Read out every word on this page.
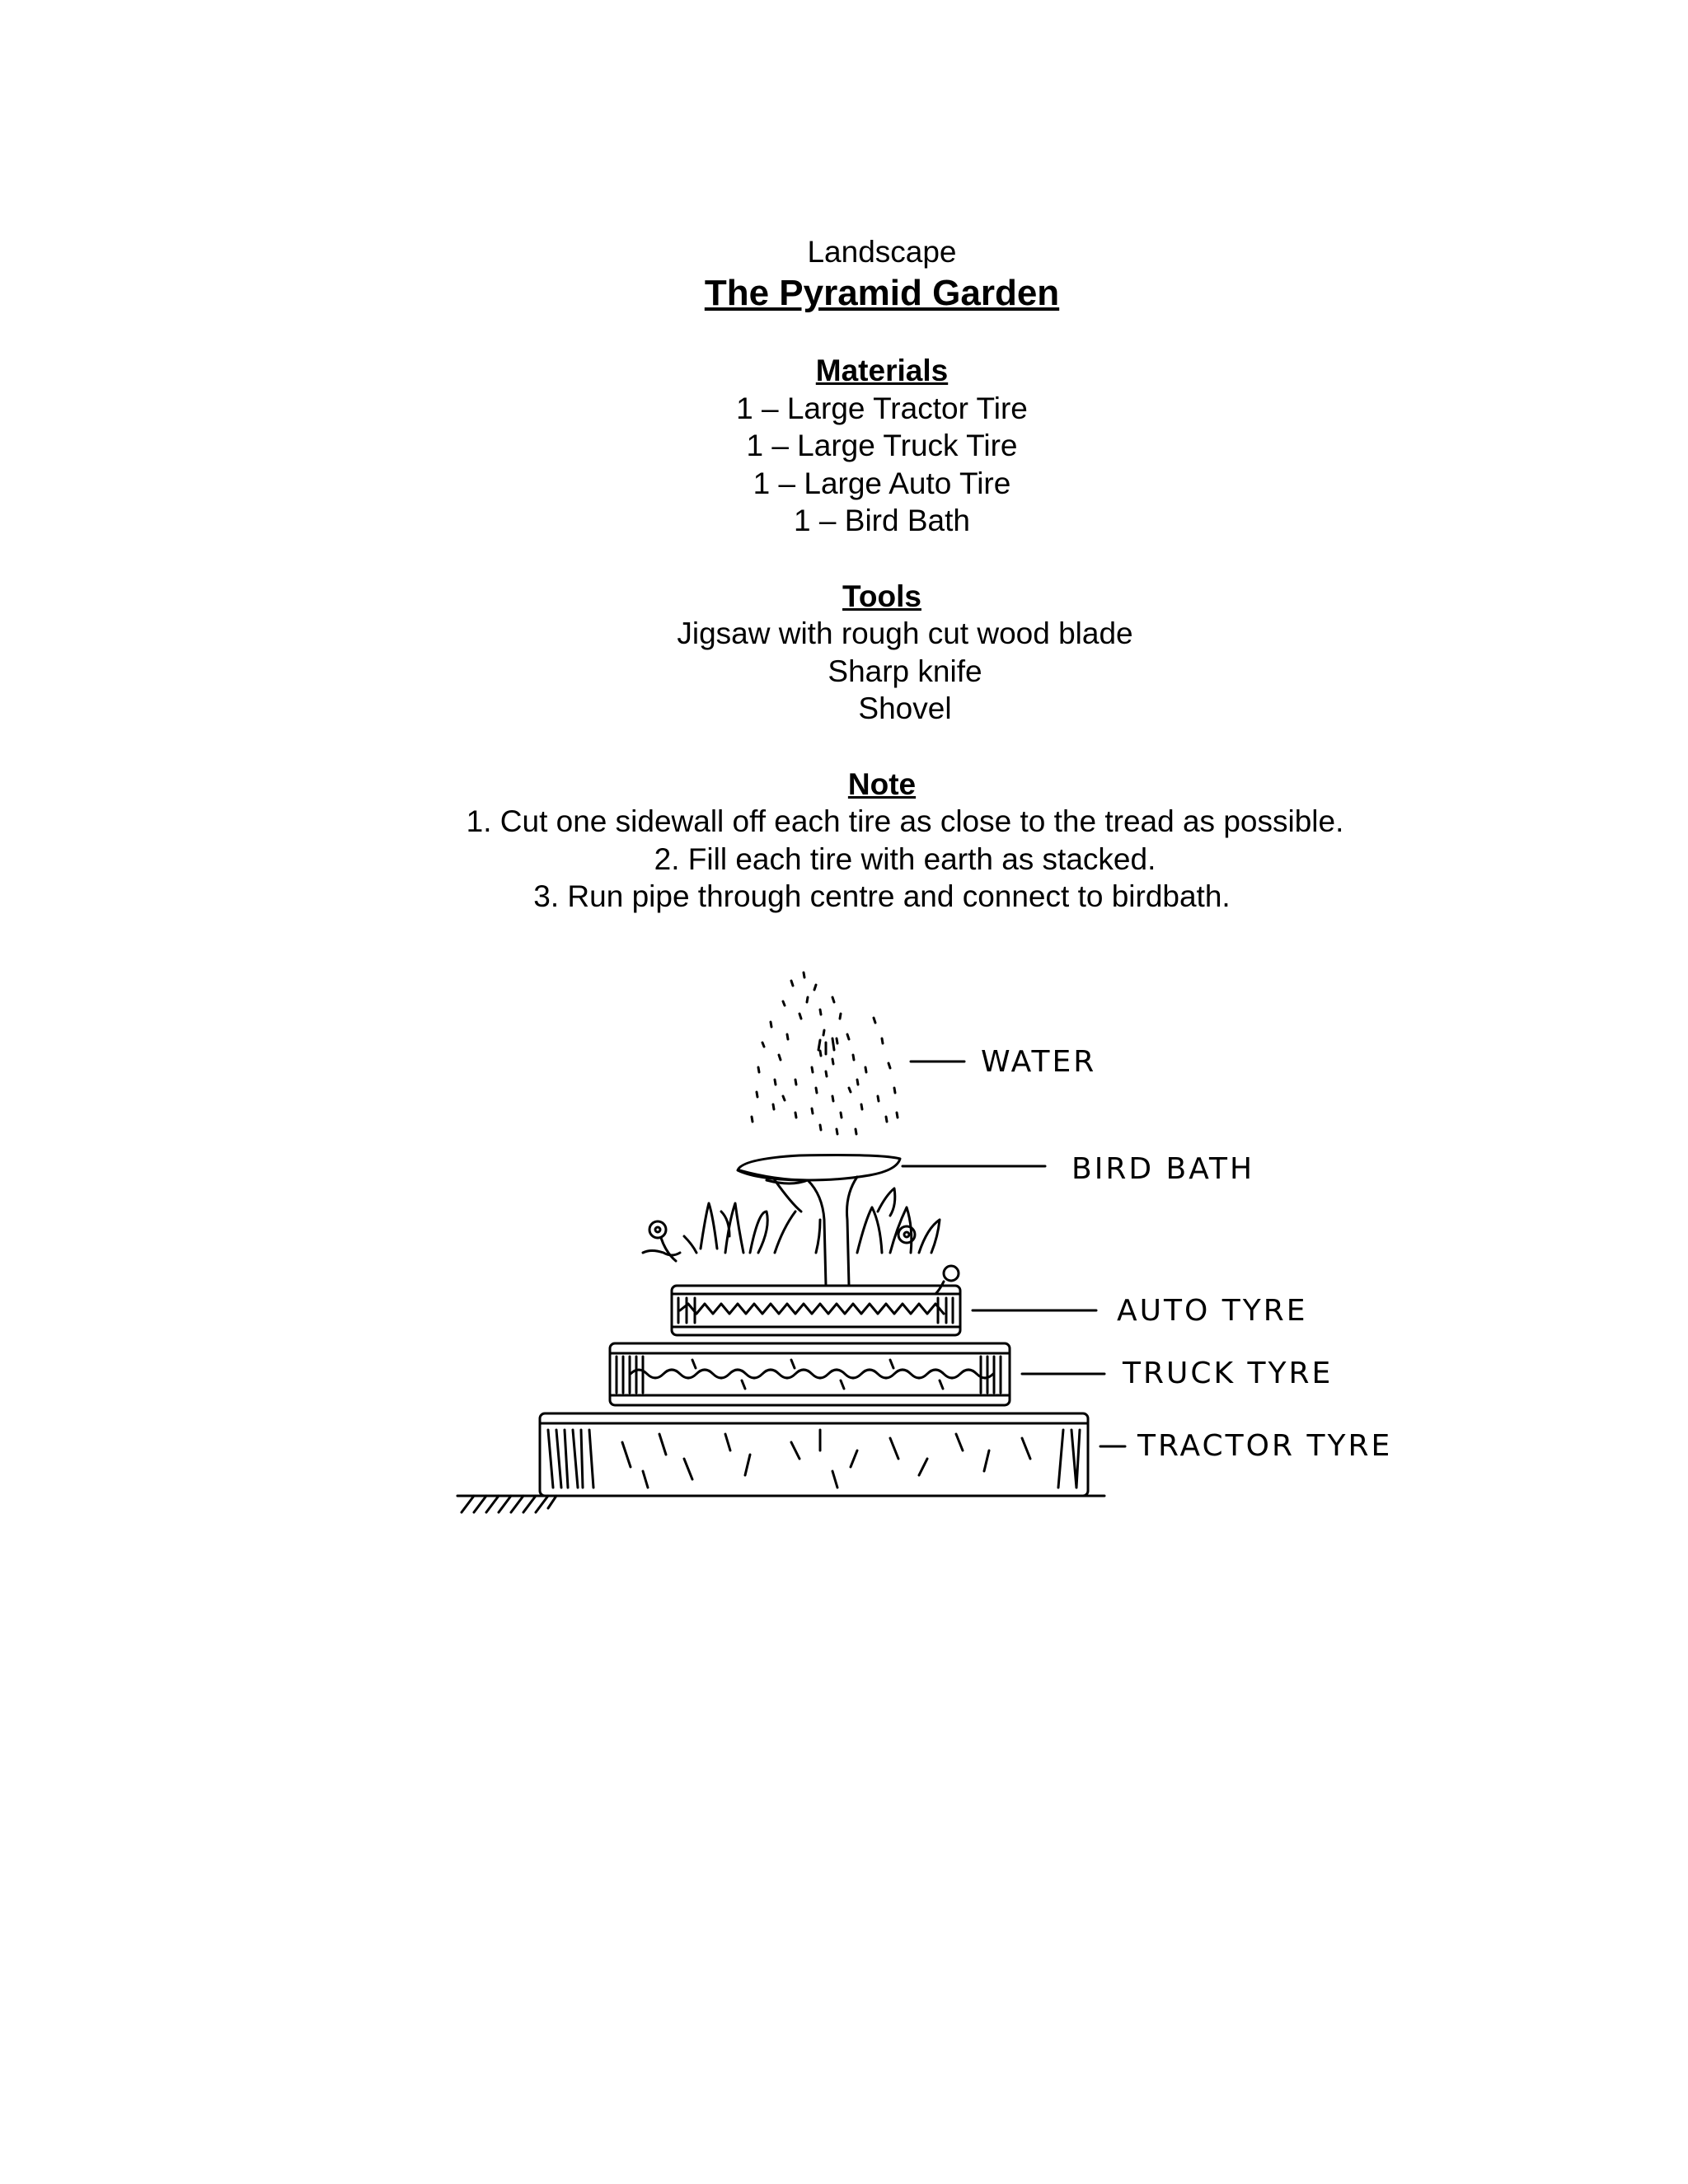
Landscape
The Pyramid Garden
Materials
1 – Large Tractor Tire
1 – Large Truck Tire
1 – Large Auto Tire
1 – Bird Bath
Tools
Jigsaw with rough cut wood blade
Sharp knife
Shovel
Note
1. Cut one sidewall off each tire as close to the tread as possible.
2. Fill each tire with earth as stacked.
3. Run pipe through centre and connect to birdbath.
WATER
BIRD BATH
AUTO TYRE
TRUCK TYRE
TRACTOR TYRE
